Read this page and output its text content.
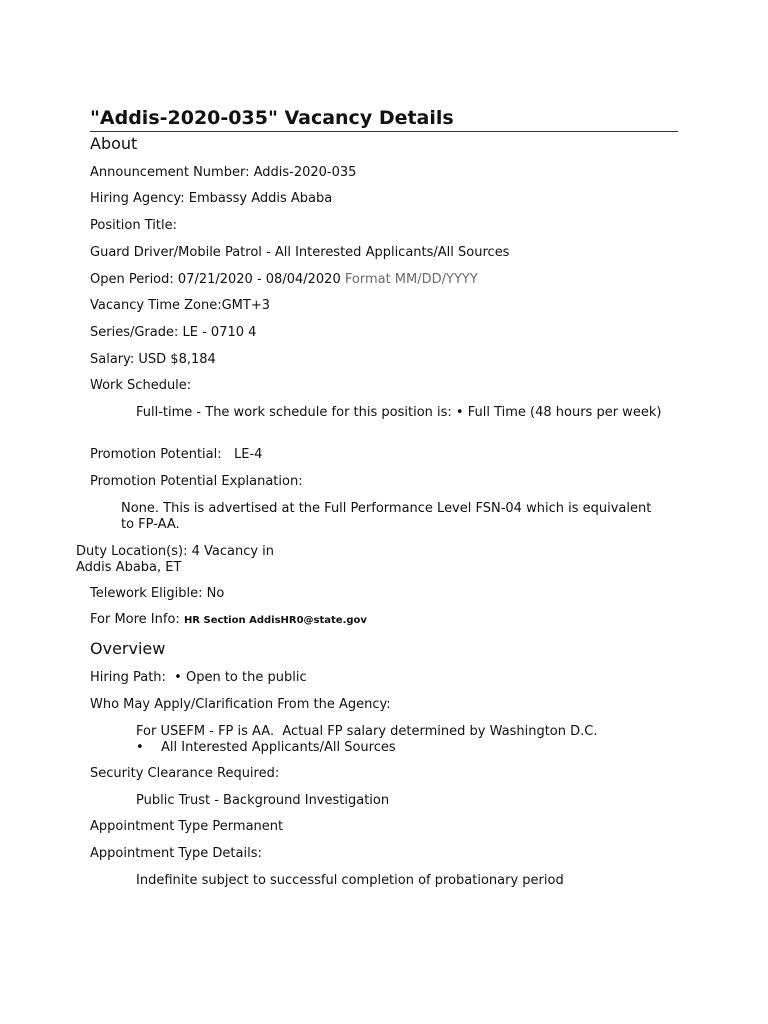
"Addis-2020-035" Vacancy Details
About
Announcement Number: Addis-2020-035
Hiring Agency: Embassy Addis Ababa
Position Title:
Guard Driver/Mobile Patrol - All Interested Applicants/All Sources
Open Period: 07/21/2020 - 08/04/2020 Format MM/DD/YYYY
Vacancy Time Zone:GMT+3
Series/Grade: LE - 0710 4
Salary: USD $8,184
Work Schedule:
Full-time - The work schedule for this position is: • Full Time (48 hours per week)
Promotion Potential:   LE-4
Promotion Potential Explanation:
None. This is advertised at the Full Performance Level FSN-04 which is equivalent to FP-AA.
Duty Location(s): 4 Vacancy in
Addis Ababa, ET
Telework Eligible: No
For More Info: HR Section AddisHR0@state.gov
Overview
Hiring Path:  • Open to the public
Who May Apply/Clarification From the Agency:
For USEFM - FP is AA.  Actual FP salary determined by Washington D.C.
• All Interested Applicants/All Sources
Security Clearance Required:
Public Trust - Background Investigation
Appointment Type Permanent
Appointment Type Details:
Indefinite subject to successful completion of probationary period
